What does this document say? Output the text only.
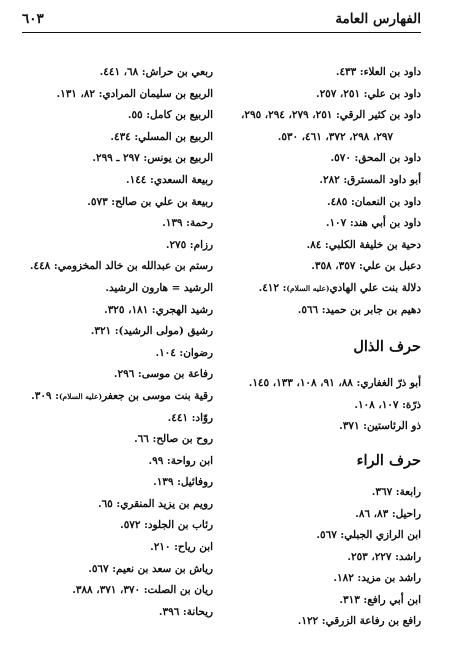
الفهارس العامة
٦٠٣
داود بن العلاء: ٤٣٣.
داود بن علي: ٢٥١، ٢٥٧.
داود بن كثير الرقي: ٢٥١، ٢٧٩، ٢٩٤، ٢٩٥،
٢٩٧، ٢٩٨، ٣٧٢، ٤٦١، ٥٣٠.
داود بن المحق: ٥٧٠.
أبو داود المسترق: ٢٨٢.
داود بن النعمان: ٤٨٥.
داود بن أبي هند: ١٠٧.
دحية بن خليفة الكلبي: ٨٤.
دعبل بن علي: ٣٥٧، ٣٥٨.
دلالة بنت علي الهادي(عليه السلام): ٤١٢.
دهيم بن جابر بن حميد: ٥٦٦.
حرف الذال
أبو ذرّ الغفاري: ٨٨، ٩١، ١٠٨، ١٣٣، ١٤٥.
ذرّة: ١٠٧، ١٠٨.
ذو الرئاستين: ٣٧١.
حرف الراء
رابعة: ٣٦٧.
راحيل: ٨٣، ٨٦.
ابن الرازي الجبلي: ٥٦٧.
راشد: ٢٢٧، ٢٥٣.
راشد بن مزيد: ١٨٢.
ابن أبي رافع: ٣١٣.
رافع بن رفاعة الزرقي: ١٢٢.
ربعي بن حراش: ٦٨، ٤٤١.
الربيع بن سليمان المرادي: ٨٢، ١٣١.
الربيع بن كامل: ٥٥.
الربيع بن المسلي: ٤٣٤.
الربيع بن يونس: ٢٩٧ ـ ٢٩٩.
ربيعة السعدي: ١٤٤.
ربيعة بن علي بن صالح: ٥٧٣.
رحمة: ١٣٩.
رزام: ٢٧٥.
رستم بن عبدالله بن خالد المخزومي: ٤٤٨.
الرشيد = هارون الرشيد.
رشيد الهجري: ١٨١، ٣٢٥.
رشيق (مولى الرشيد): ٣٢١.
رضوان: ١٠٤.
رفاعة بن موسى: ٢٩٦.
رقية بنت موسى بن جعفر(عليه السلام): ٣٠٩.
روّاد: ٤٤١.
روح بن صالح: ٦٦.
ابن رواحة: ٩٩.
روفائيل: ١٣٩.
رويم بن يزيد المنقري: ٦٥.
رئاب بن الجلود: ٥٧٢.
ابن رياح: ٢١٠.
رياش بن سعد بن نعيم: ٥٦٧.
ريان بن الصلت: ٣٧٠، ٣٧١، ٣٨٨.
ريحانة: ٣٩٦.
